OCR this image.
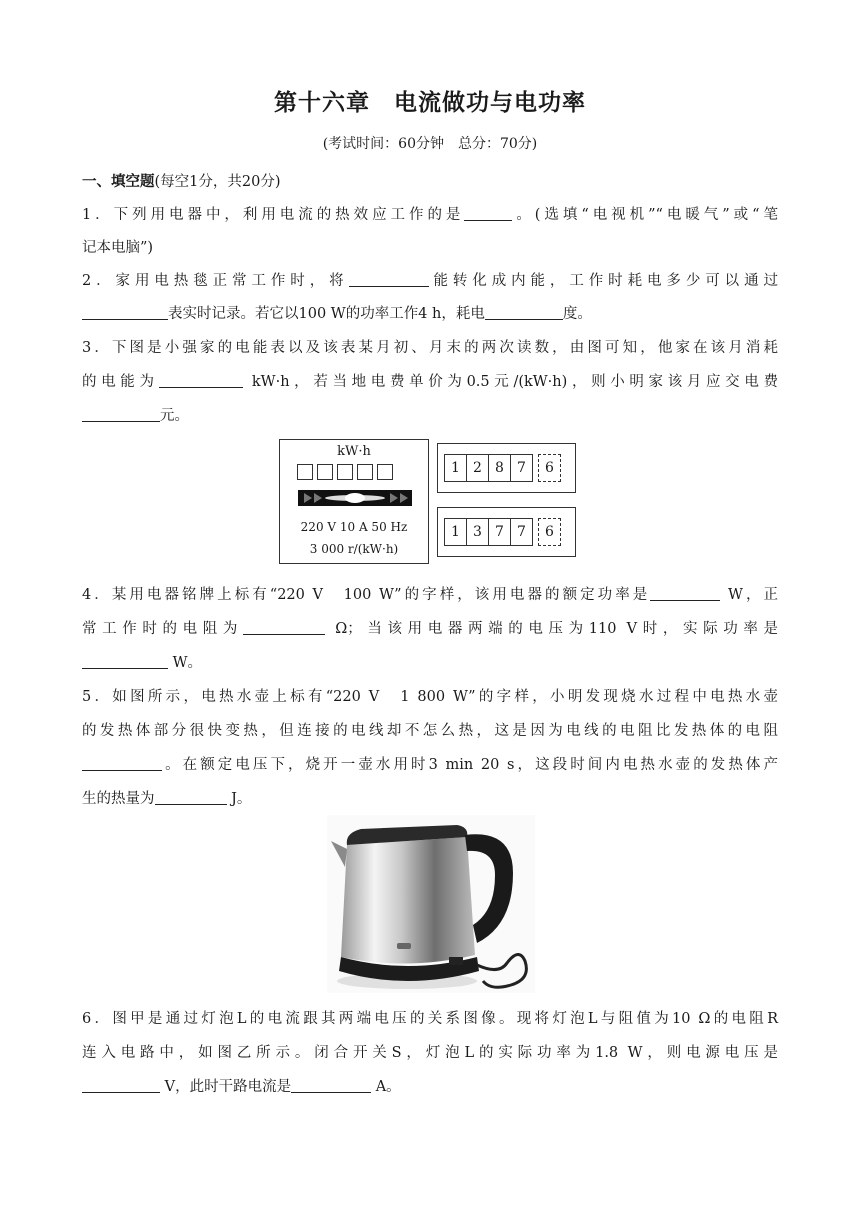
第十六章　电流做功与电功率
(考试时间：60分钟　总分：70分)
一、填空题(每空1分，共20分)
1．下列用电器中，利用电流的热效应工作的是	。(选填“电视机”“电暖气”或“笔
记本电脑”)
2．家用电热毯正常工作时，将	能转化成内能，工作时耗电多少可以通过
表实时记录。若它以100 W的功率工作4 h，耗电	度。
3．下图是小强家的电能表以及该表某月初、月末的两次读数，由图可知，他家在该月消耗
的电能为	kW·h，若当地电费单价为0.5元/(kW·h)，则小明家该月应交电费
元。
kW·h
220 V 10 A 50 Hz
3 000 r/(kW·h)
1 2 8 7	6
1 3 7 7	6
4．某用电器铭牌上标有“220 V　100 W”的字样，该用电器的额定功率是	W，正
常工作时的电阻为	Ω；当该用电器两端的电压为110 V时，实际功率是
W。
5．如图所示，电热水壶上标有“220 V　1 800 W”的字样，小明发现烧水过程中电热水壶
的发热体部分很快变热，但连接的电线却不怎么热，这是因为电线的电阻比发热体的电阻
。在额定电压下，烧开一壶水用时3 min 20 s，这段时间内电热水壶的发热体产
生的热量为	J。
6．图甲是通过灯泡L的电流跟其两端电压的关系图像。现将灯泡L与阻值为10 Ω的电阻R
连入电路中，如图乙所示。闭合开关S，灯泡L的实际功率为1.8 W，则电源电压是
V，此时干路电流是	A。
